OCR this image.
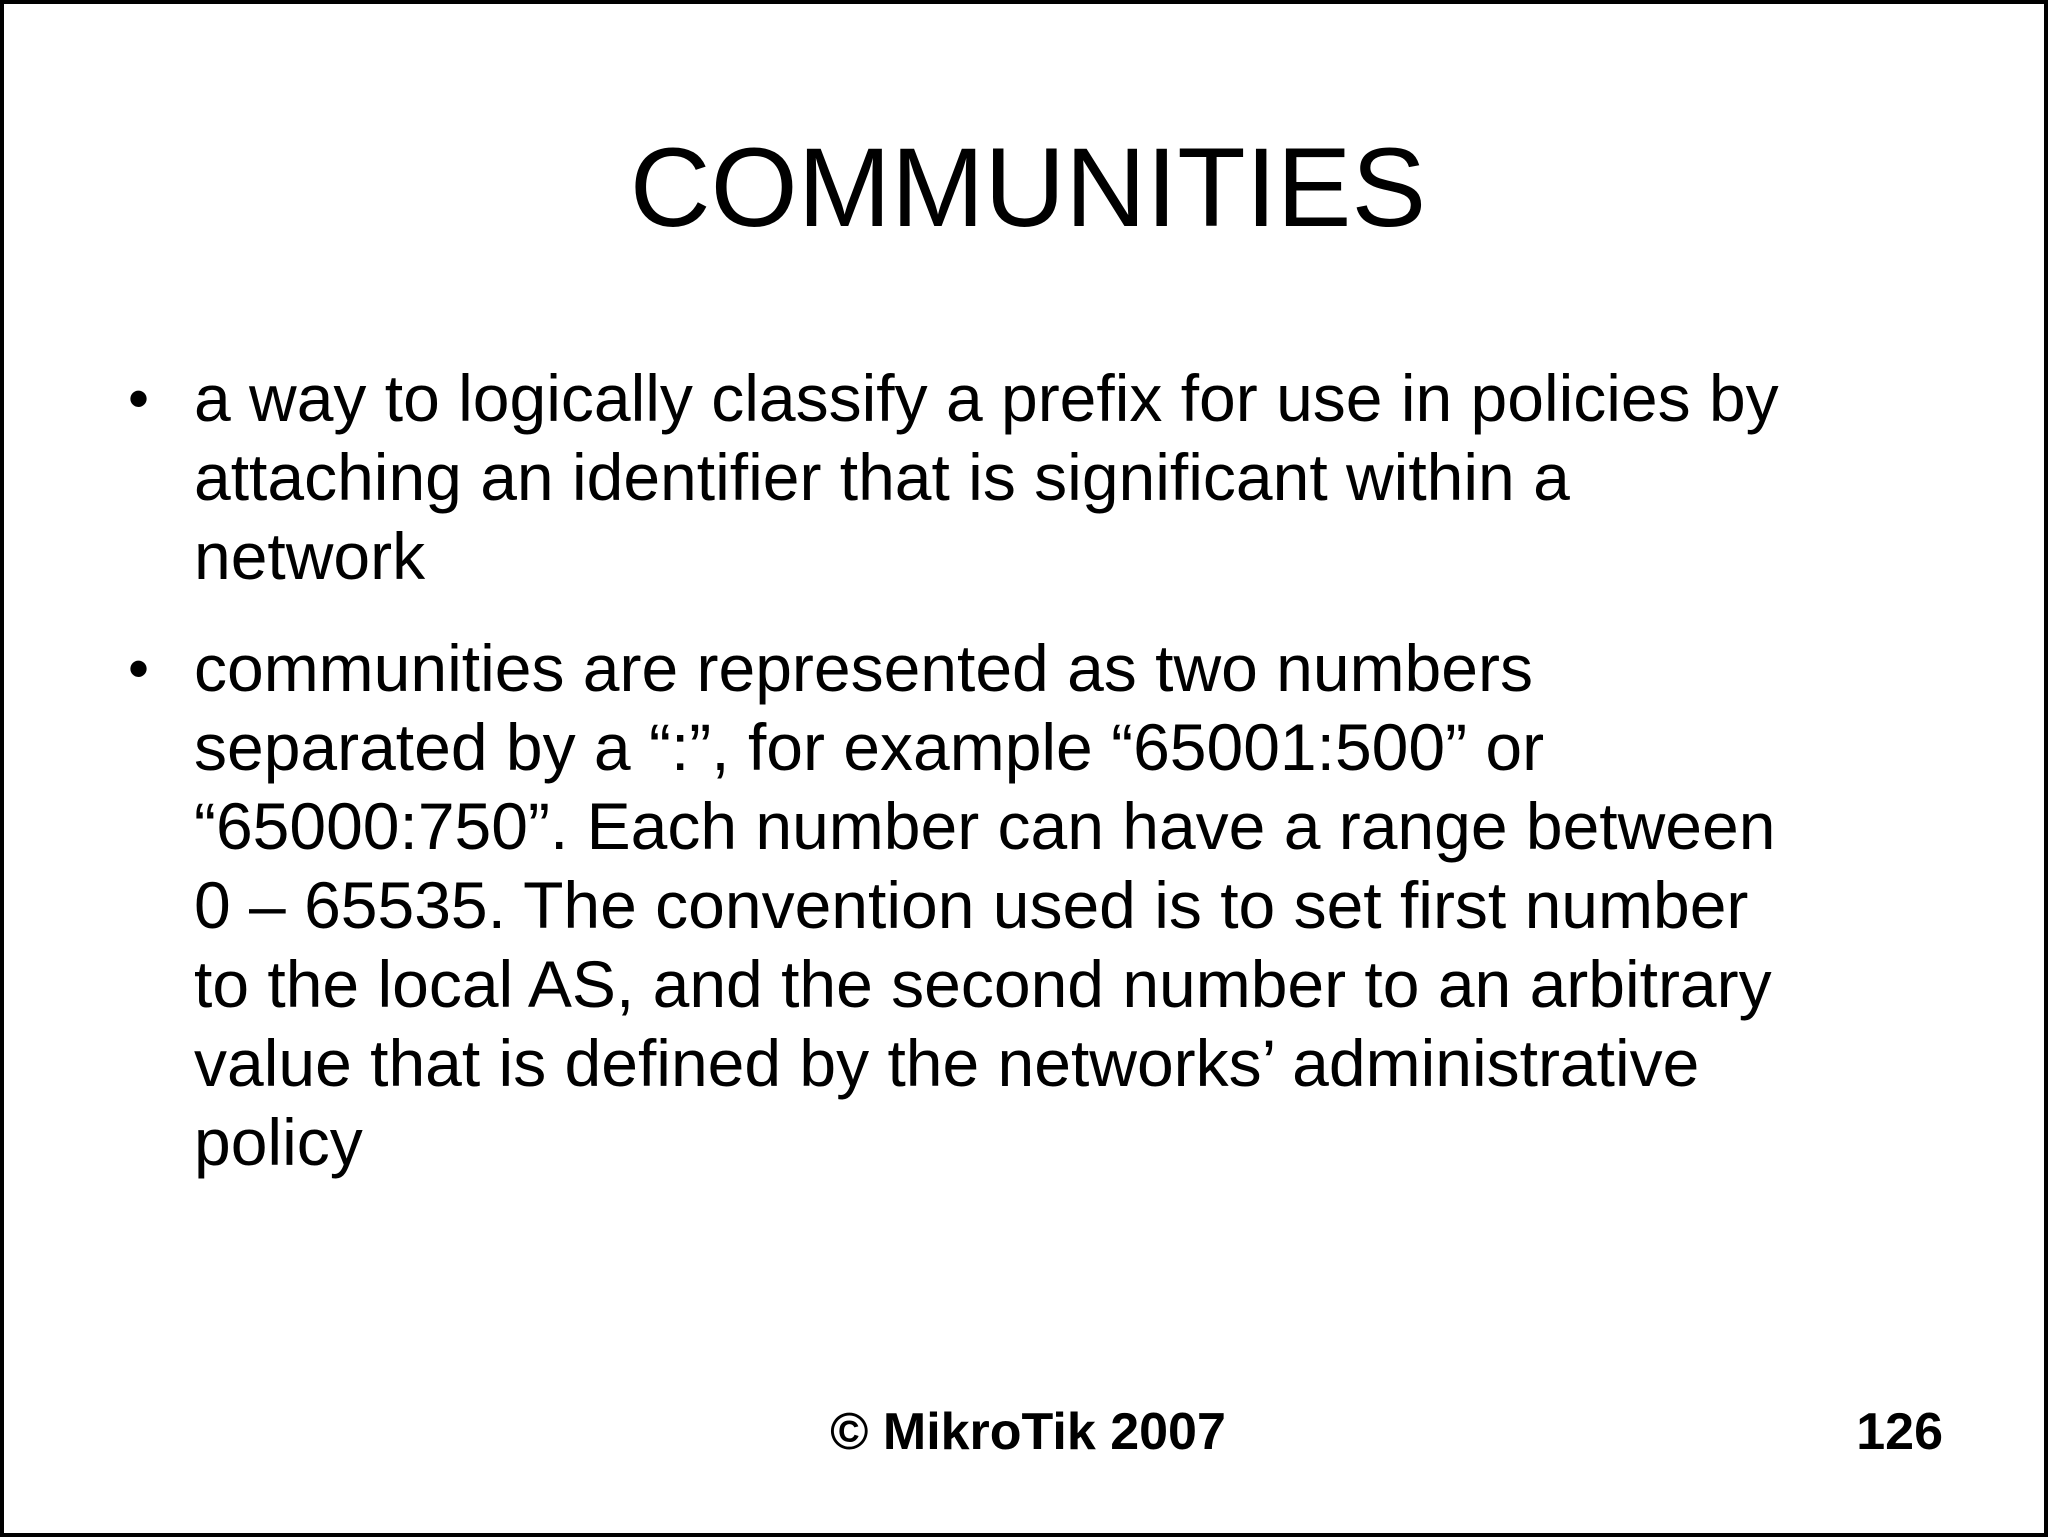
COMMUNITIES
• a way to logically classify a prefix for use in policies by
attaching an identifier that is significant within a
network
• communities are represented as two numbers
separated by a “:”, for example “65001:500” or
“65000:750”. Each number can have a range between
0 – 65535. The convention used is to set first number
to the local AS, and the second number to an arbitrary
value that is defined by the networks’ administrative
policy
© MikroTik 2007	126
